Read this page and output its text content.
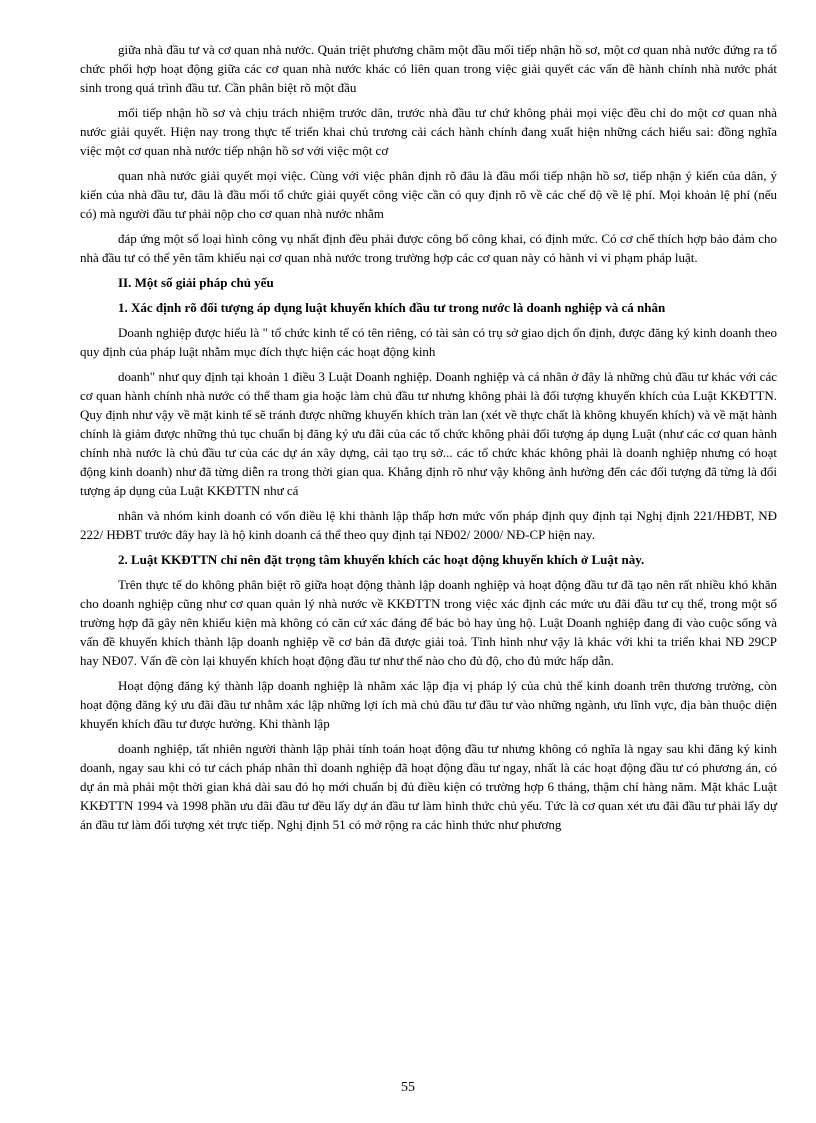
giữa nhà đầu tư và cơ quan nhà nước. Quán triệt phương châm một đầu mối tiếp nhận hồ sơ, một cơ quan nhà nước đứng ra tổ chức phối hợp hoạt động giữa các cơ quan nhà nước khác có liên quan trong việc giải quyết các vấn đề hành chính nhà nước phát sinh trong quá trình đầu tư. Cần phân biệt rõ một đầu

mối tiếp nhận hồ sơ và chịu trách nhiệm trước dân, trước nhà đầu tư chứ không phải mọi việc đều chỉ do một cơ quan nhà nước giải quyết. Hiện nay trong thực tế triển khai chủ trương cải cách hành chính đang xuất hiện những cách hiểu sai: đồng nghĩa việc một cơ quan nhà nước tiếp nhận hồ sơ với việc một cơ

quan nhà nước giải quyết mọi việc. Cùng với việc phân định rõ đâu là đầu mối tiếp nhận hồ sơ, tiếp nhận ý kiến của dân, ý kiến của nhà đầu tư, đâu là đầu mối tổ chức giải quyết công việc cần có quy định rõ về các chế độ về lệ phí. Mọi khoản lệ phí (nếu có) mà người đầu tư phải nộp cho cơ quan nhà nước nhằm

đáp ứng một số loại hình công vụ nhất định đều phải được công bố công khai, có định mức. Có cơ chế thích hợp bảo đảm cho nhà đầu tư có thể yên tâm khiếu nại cơ quan nhà nước trong trường hợp các cơ quan này có hành vi vi phạm pháp luật.

II. Một số giải pháp chủ yếu

1. Xác định rõ đối tượng áp dụng luật khuyến khích đầu tư trong nước là doanh nghiệp và cá nhân

Doanh nghiệp được hiểu là " tổ chức kinh tế có tên riêng, có tài sản có trụ sở giao dịch ổn định, được đăng ký kinh doanh theo quy định của pháp luật nhằm mục đích thực hiện các hoạt động kinh

doanh" như quy định tại khoản 1 điều 3 Luật Doanh nghiệp. Doanh nghiệp và cá nhân ở đây là những chủ đầu tư khác với các cơ quan hành chính nhà nước có thể tham gia hoặc làm chủ đầu tư nhưng không phải là đối tượng khuyến khích của Luật KKĐTTN. Quy định như vậy về mặt kinh tế sẽ tránh được những khuyến khích tràn lan (xét về thực chất là không khuyến khích) và về mặt hành chính là giảm được những thủ tục chuẩn bị đăng ký ưu đãi của các tổ chức không phải đối tượng áp dụng Luật (như các cơ quan hành chính nhà nước là chủ đầu tư của các dự án xây dựng, cải tạo trụ sở... các tổ chức khác không phải là doanh nghiệp nhưng có hoạt động kinh doanh) như đã từng diễn ra trong thời gian qua. Khẳng định rõ như vậy không ảnh hưởng đến các đối tượng đã từng là đối tượng áp dụng của Luật KKĐTTN như cá

nhân và nhóm kinh doanh có vốn điều lệ khi thành lập thấp hơn mức vốn pháp định quy định tại Nghị định 221/HĐBT, NĐ 222/ HĐBT trước đây hay là hộ kinh doanh cá thể theo quy định tại NĐ02/ 2000/ NĐ-CP hiện nay.

2. Luật KKĐTTN chỉ nên đặt trọng tâm khuyến khích các hoạt động khuyến khích ở Luật này.

Trên thực tế do không phân biệt rõ giữa hoạt động thành lập doanh nghiệp và hoạt động đầu tư đã tạo nên rất nhiều khó khăn cho doanh nghiệp cũng như cơ quan quản lý nhà nước về KKĐTTN trong việc xác định các mức ưu đãi đầu tư cụ thể, trong một số trường hợp đã gây nên khiếu kiện mà không có căn cứ xác đáng để bác bỏ hay ủng hộ. Luật Doanh nghiệp đang đi vào cuộc sống và vấn đề khuyến khích thành lập doanh nghiệp về cơ bản đã được giải toả. Tình hình như vậy là khác với khi ta triển khai NĐ 29CP hay NĐ07. Vấn đề còn lại khuyến khích hoạt động đầu tư như thế nào cho đủ độ, cho đủ mức hấp dẫn.

Hoạt động đăng ký thành lập doanh nghiệp là nhằm xác lập địa vị pháp lý của chủ thể kinh doanh trên thương trường, còn hoạt động đăng ký ưu đãi đầu tư nhằm xác lập những lợi ích mà chủ đầu tư đầu tư vào những ngành, ưu lĩnh vực, địa bàn thuộc diện khuyến khích đầu tư được hưởng. Khi thành lập

doanh nghiệp, tất nhiên người thành lập phải tính toán hoạt động đầu tư nhưng không có nghĩa là ngay sau khi đăng ký kinh doanh, ngay sau khi có tư cách pháp nhân thì doanh nghiệp đã hoạt động đầu tư ngay, nhất là các hoạt động đầu tư có phương án, có dự án mà phải một thời gian khá dài sau đó họ mới chuẩn bị đủ điều kiện có trường hợp 6 tháng, thậm chí hàng năm. Mặt khác Luật KKĐTTN 1994 và 1998 phần ưu đãi đầu tư đều lấy dự án đầu tư làm hình thức chủ yếu. Tức là cơ quan xét ưu đãi đầu tư phải lấy dự án đầu tư làm đối tượng xét trực tiếp. Nghị định 51 có mở rộng ra các hình thức như phương

55
